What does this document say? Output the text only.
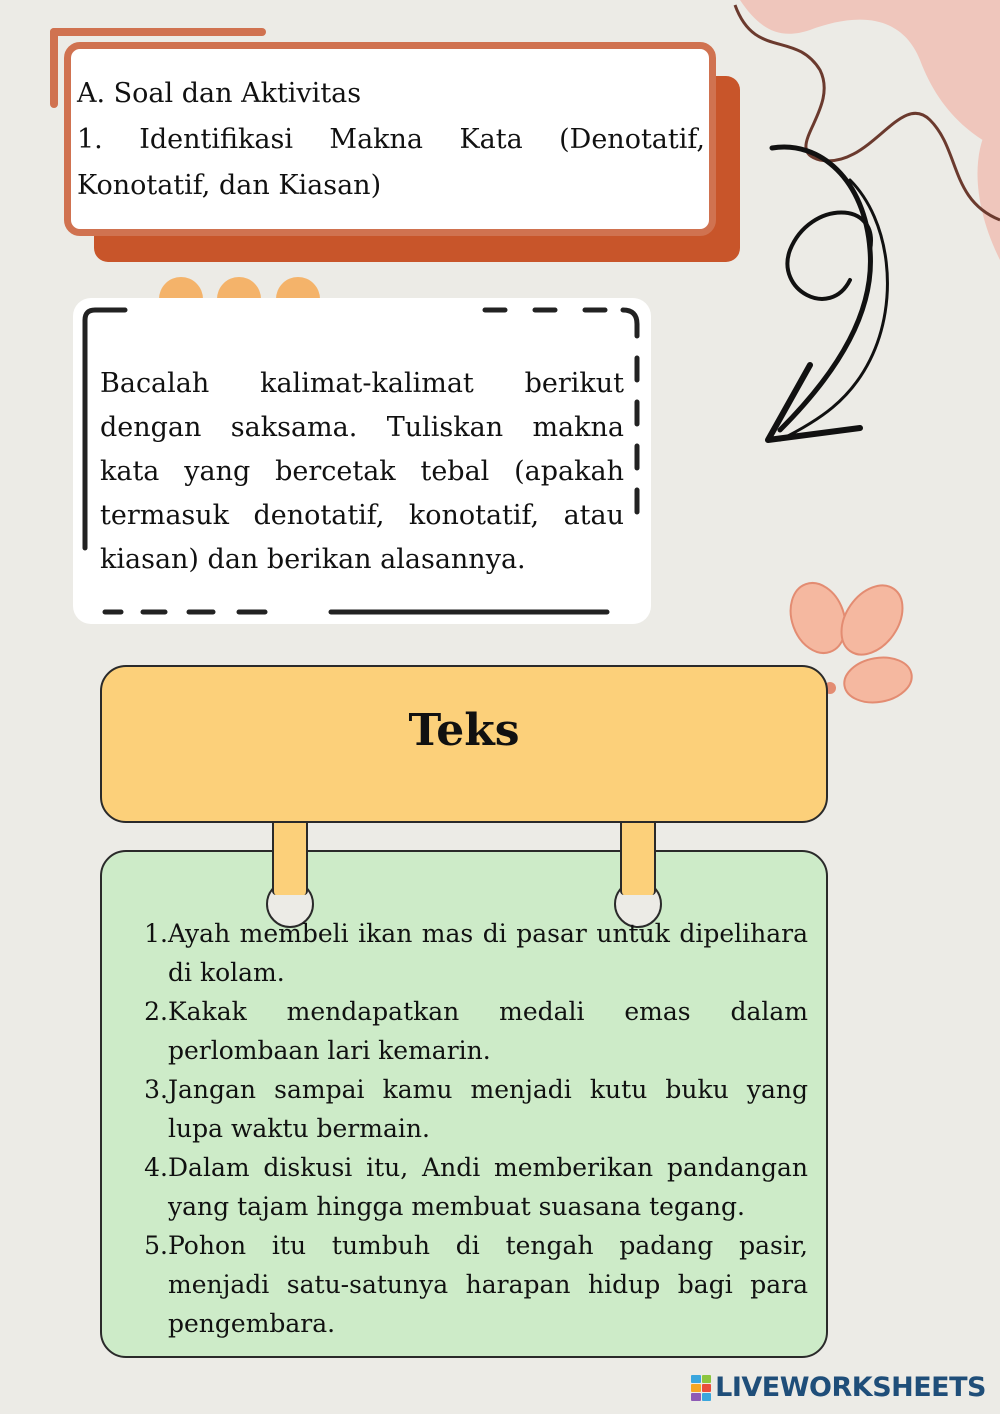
A. Soal dan Aktivitas

1. Identifikasi Makna Kata (Denotatif, Konotatif, dan Kiasan)

Bacalah kalimat-kalimat berikut dengan saksama. Tuliskan makna kata yang bercetak tebal (apakah termasuk denotatif, konotatif, atau kiasan) dan berikan alasannya.

Teks
1. Ayah membeli ikan mas di pasar untuk dipelihara di kolam.
2. Kakak mendapatkan medali emas dalam perlombaan lari kemarin.
3. Jangan sampai kamu menjadi kutu buku yang lupa waktu bermain.
4. Dalam diskusi itu, Andi memberikan pandangan yang tajam hingga membuat suasana tegang.
5. Pohon itu tumbuh di tengah padang pasir, menjadi satu-satunya harapan hidup bagi para pengembara.
LIVEWORKSHEETS
